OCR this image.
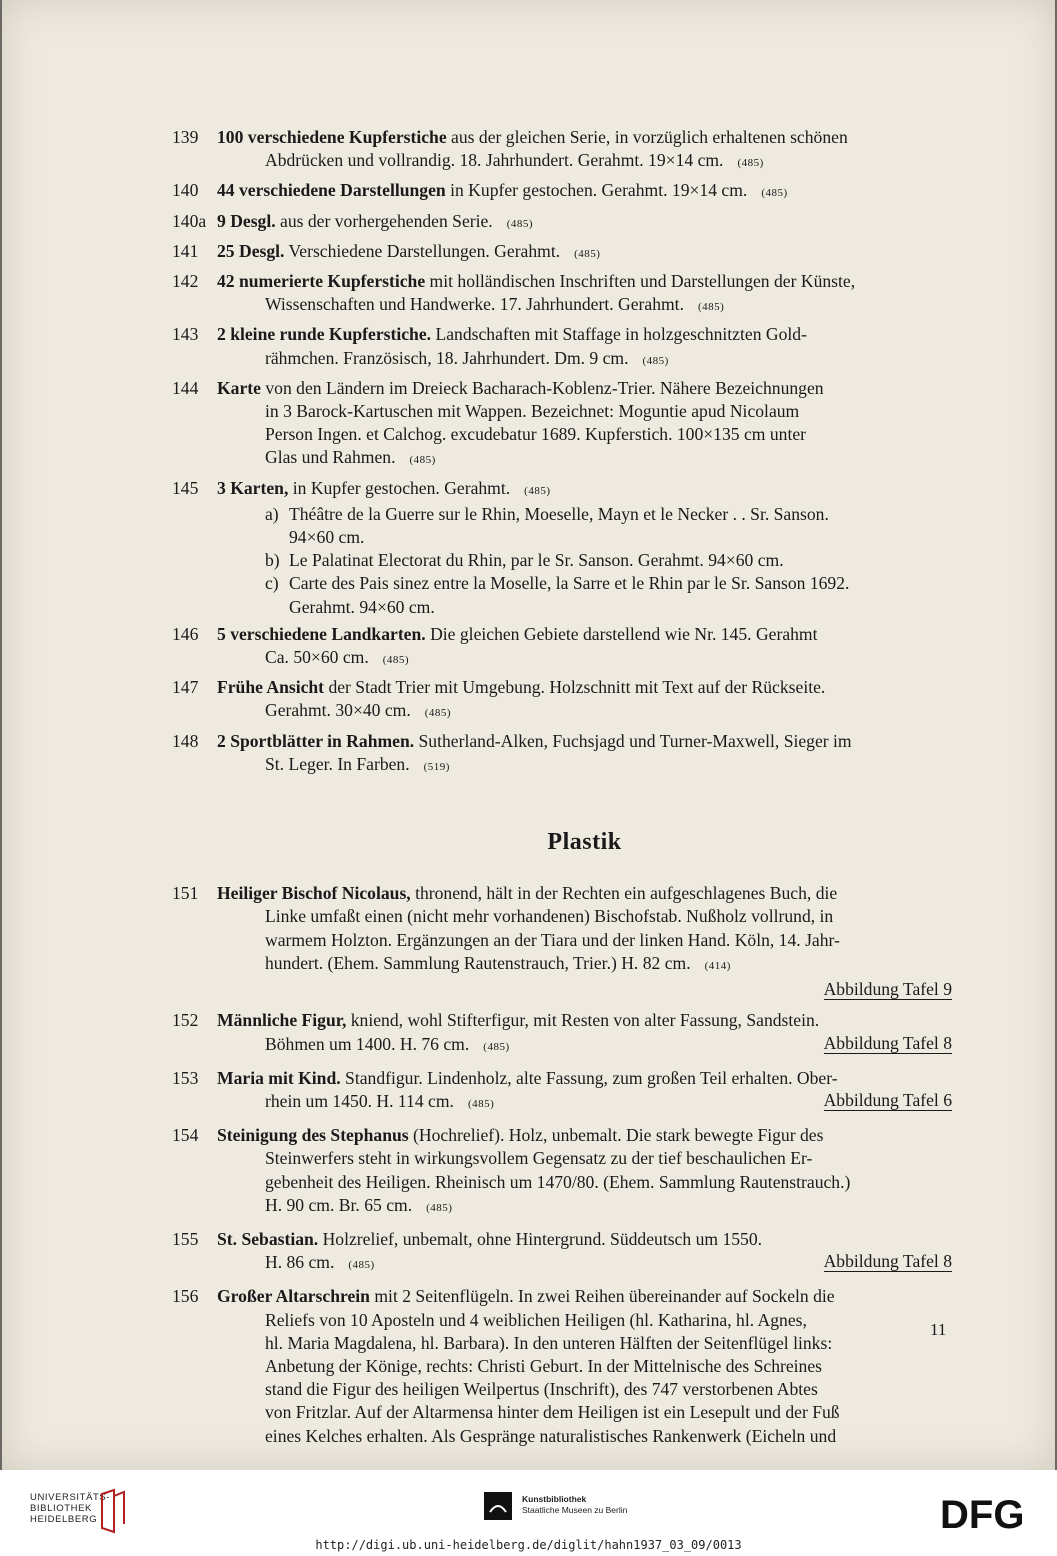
139 100 verschiedene Kupferstiche aus der gleichen Serie, in vorzüglich erhaltenen schönen
Abdrücken und vollrandig. 18. Jahrhundert. Gerahmt. 19×14 cm. (485)
140 44 verschiedene Darstellungen in Kupfer gestochen. Gerahmt. 19×14 cm. (485)
140a 9 Desgl. aus der vorhergehenden Serie. (485)
141 25 Desgl. Verschiedene Darstellungen. Gerahmt. (485)
142 42 numerierte Kupferstiche mit holländischen Inschriften und Darstellungen der Künste,
Wissenschaften und Handwerke. 17. Jahrhundert. Gerahmt. (485)
143 2 kleine runde Kupferstiche. Landschaften mit Staffage in holzgeschnitzten Gold-
rähmchen. Französisch, 18. Jahrhundert. Dm. 9 cm. (485)
144 Karte von den Ländern im Dreieck Bacharach-Koblenz-Trier. Nähere Bezeichnungen
in 3 Barock-Kartuschen mit Wappen. Bezeichnet: Moguntie apud Nicolaum
Person Ingen. et Calchog. excudebatur 1689. Kupferstich. 100×135 cm unter
Glas und Rahmen. (485)
145 3 Karten, in Kupfer gestochen. Gerahmt. (485)
a) Théâtre de la Guerre sur le Rhin, Moeselle, Mayn et le Necker . . Sr. Sanson.
94×60 cm.
b) Le Palatinat Electorat du Rhin, par le Sr. Sanson. Gerahmt. 94×60 cm.
c) Carte des Pais sinez entre la Moselle, la Sarre et le Rhin par le Sr. Sanson 1692.
Gerahmt. 94×60 cm.
146 5 verschiedene Landkarten. Die gleichen Gebiete darstellend wie Nr. 145. Gerahmt
Ca. 50×60 cm. (485)
147 Frühe Ansicht der Stadt Trier mit Umgebung. Holzschnitt mit Text auf der Rückseite.
Gerahmt. 30×40 cm. (485)
148 2 Sportblätter in Rahmen. Sutherland-Alken, Fuchsjagd und Turner-Maxwell, Sieger im
St. Leger. In Farben. (519)
Plastik
151 Heiliger Bischof Nicolaus, thronend, hält in der Rechten ein aufgeschlagenes Buch, die
Linke umfaßt einen (nicht mehr vorhandenen) Bischofstab. Nußholz vollrund, in
warmem Holzton. Ergänzungen an der Tiara und der linken Hand. Köln, 14. Jahr-
hundert. (Ehem. Sammlung Rautenstrauch, Trier.) H. 82 cm. (414)
Abbildung Tafel 9
152 Männliche Figur, kniend, wohl Stifterfigur, mit Resten von alter Fassung, Sandstein.
Böhmen um 1400. H. 76 cm. (485)	Abbildung Tafel 8
153 Maria mit Kind. Standfigur. Lindenholz, alte Fassung, zum großen Teil erhalten. Ober-
rhein um 1450. H. 114 cm. (485)	Abbildung Tafel 6
154 Steinigung des Stephanus (Hochrelief). Holz, unbemalt. Die stark bewegte Figur des
Steinwerfers steht in wirkungsvollem Gegensatz zu der tief beschaulichen Er-
gebenheit des Heiligen. Rheinisch um 1470/80. (Ehem. Sammlung Rautenstrauch.)
H. 90 cm. Br. 65 cm. (485)
155 St. Sebastian. Holzrelief, unbemalt, ohne Hintergrund. Süddeutsch um 1550.
H. 86 cm. (485)	Abbildung Tafel 8
156 Großer Altarschrein mit 2 Seitenflügeln. In zwei Reihen übereinander auf Sockeln die
Reliefs von 10 Aposteln und 4 weiblichen Heiligen (hl. Katharina, hl. Agnes,
hl. Maria Magdalena, hl. Barbara). In den unteren Hälften der Seitenflügel links:
Anbetung der Könige, rechts: Christi Geburt. In der Mittelnische des Schreines
stand die Figur des heiligen Weilpertus (Inschrift), des 747 verstorbenen Abtes
von Fritzlar. Auf der Altarmensa hinter dem Heiligen ist ein Lesepult und der Fuß
eines Kelches erhalten. Als Gespränge naturalistisches Rankenwerk (Eicheln und
11
UNIVERSITÄTS-
BIBLIOTHEK
HEIDELBERG
Kunstbibliothek
Staatliche Museen zu Berlin	DFG
http://digi.ub.uni-heidelberg.de/diglit/hahn1937_03_09/0013
